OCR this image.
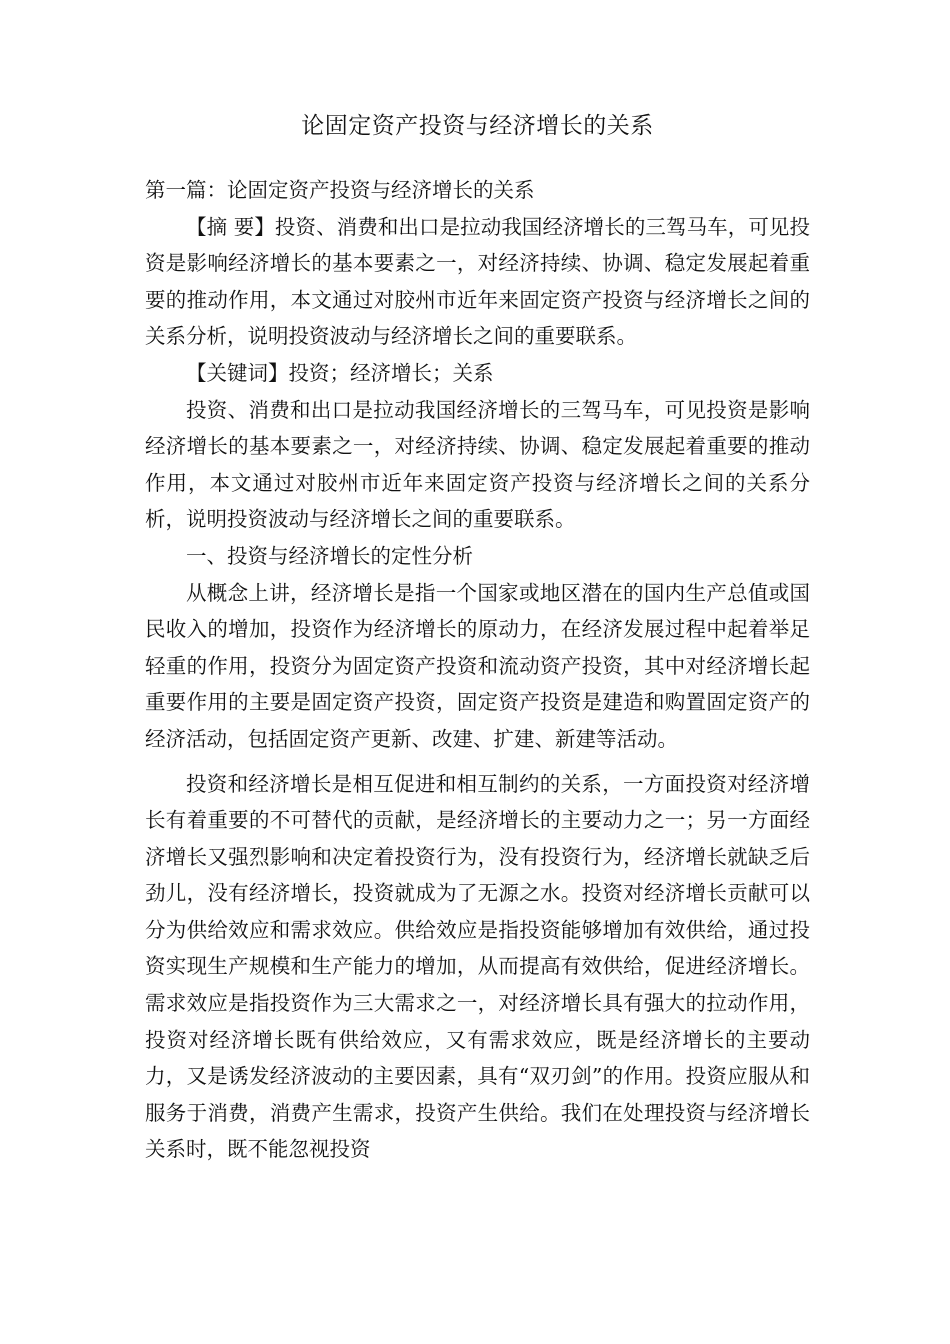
论固定资产投资与经济增长的关系

第一篇：论固定资产投资与经济增长的关系

【摘 要】投资、消费和出口是拉动我国经济增长的三驾马车，可见投资是影响经济增长的基本要素之一，对经济持续、协调、稳定发展起着重要的推动作用，本文通过对胶州市近年来固定资产投资与经济增长之间的关系分析，说明投资波动与经济增长之间的重要联系。

【关键词】投资；经济增长；关系

投资、消费和出口是拉动我国经济增长的三驾马车，可见投资是影响经济增长的基本要素之一，对经济持续、协调、稳定发展起着重要的推动作用，本文通过对胶州市近年来固定资产投资与经济增长之间的关系分析，说明投资波动与经济增长之间的重要联系。

一、投资与经济增长的定性分析

从概念上讲，经济增长是指一个国家或地区潜在的国内生产总值或国民收入的增加，投资作为经济增长的原动力，在经济发展过程中起着举足轻重的作用，投资分为固定资产投资和流动资产投资，其中对经济增长起重要作用的主要是固定资产投资，固定资产投资是建造和购置固定资产的经济活动，包括固定资产更新、改建、扩建、新建等活动。

投资和经济增长是相互促进和相互制约的关系，一方面投资对经济增长有着重要的不可替代的贡献，是经济增长的主要动力之一；另一方面经济增长又强烈影响和决定着投资行为，没有投资行为，经济增长就缺乏后劲儿，没有经济增长，投资就成为了无源之水。投资对经济增长贡献可以分为供给效应和需求效应。供给效应是指投资能够增加有效供给，通过投资实现生产规模和生产能力的增加，从而提高有效供给，促进经济增长。需求效应是指投资作为三大需求之一，对经济增长具有强大的拉动作用，投资对经济增长既有供给效应，又有需求效应，既是经济增长的主要动力，又是诱发经济波动的主要因素，具有“双刃剑”的作用。投资应服从和服务于消费，消费产生需求，投资产生供给。我们在处理投资与经济增长关系时，既不能忽视投资
